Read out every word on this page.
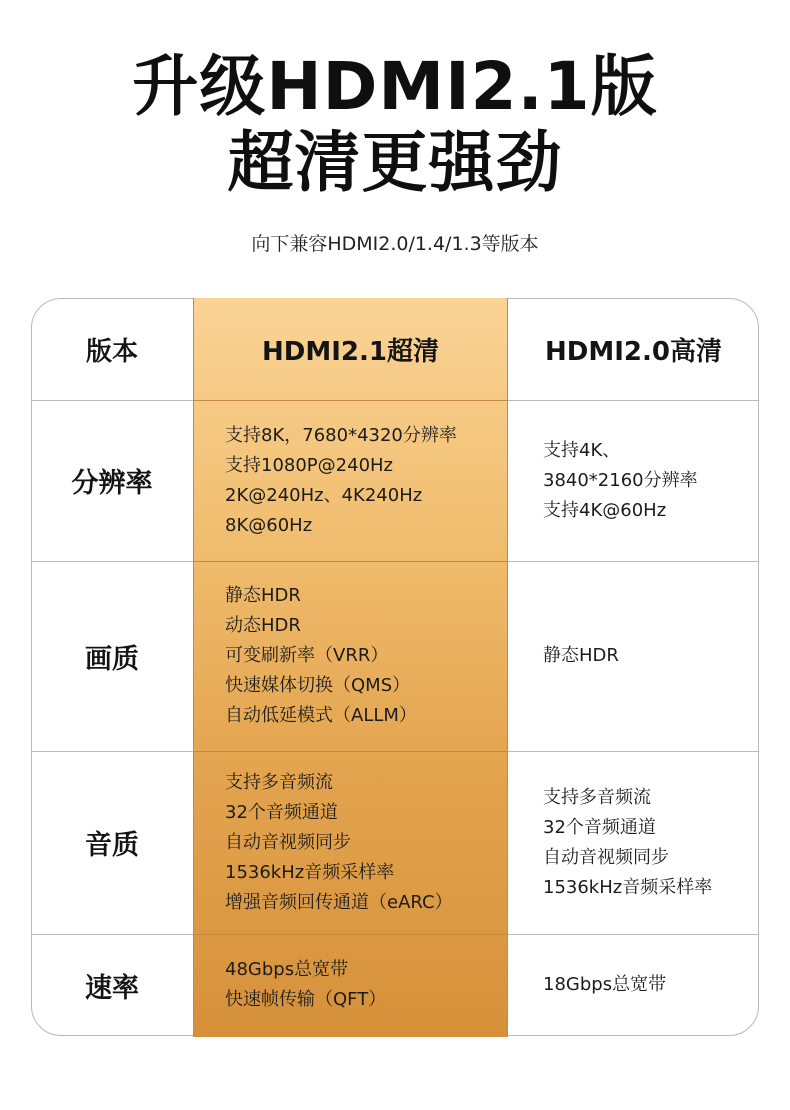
升级HDMI2.1版
超清更强劲
向下兼容HDMI2.0/1.4/1.3等版本
版本	HDMI2.1超清	HDMI2.0高清
分辨率
支持8K，7680*4320分辨率
支持1080P@240Hz
2K@240Hz、4K240Hz
8K@60Hz
支持4K、
3840*2160分辨率
支持4K@60Hz
画质
静态HDR
动态HDR
可变刷新率（VRR）
快速媒体切换（QMS）
自动低延模式（ALLM）
静态HDR
音质
支持多音频流
32个音频通道
自动音视频同步
1536kHz音频采样率
增强音频回传通道（eARC）
支持多音频流
32个音频通道
自动音视频同步
1536kHz音频采样率
速率
48Gbps总宽带
快速帧传输（QFT）
18Gbps总宽带
